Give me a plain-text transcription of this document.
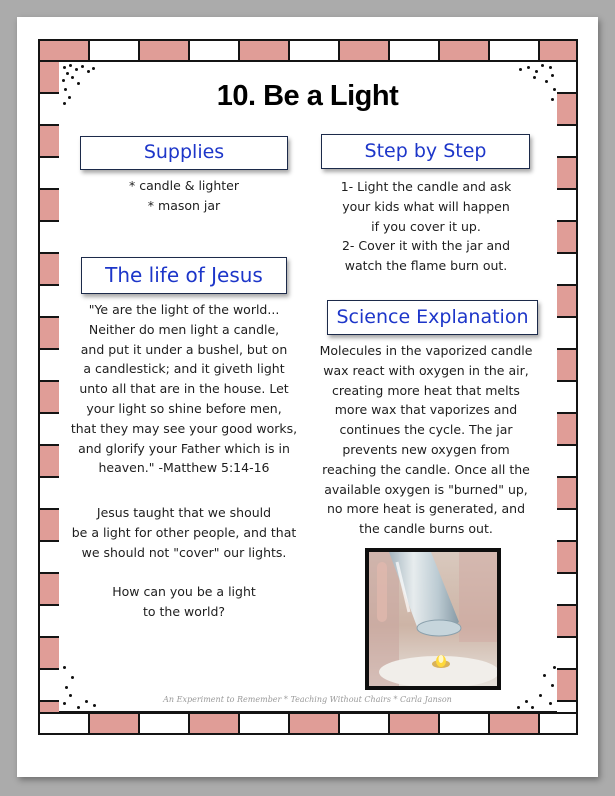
10. Be a Light
Supplies
* candle & lighter
* mason jar
Step by Step
1- Light the candle and ask
your kids what will happen
if you cover it up.
2- Cover it with the jar and
watch the flame burn out.
The life of Jesus
"Ye are the light of the world...
Neither do men light a candle,
and put it under a bushel, but on
a candlestick; and it giveth light
unto all that are in the house. Let
your light so shine before men,
that they may see your good works,
and glorify your Father which is in
heaven." -Matthew 5:14-16
Jesus taught that we should
be a light for other people, and that
we should not "cover" our lights.
How can you be a light
to the world?
Science Explanation
Molecules in the vaporized candle
wax react with oxygen in the air,
creating more heat that melts
more wax that vaporizes and
continues the cycle. The jar
prevents new oxygen from
reaching the candle. Once all the
available oxygen is "burned" up,
no more heat is generated, and
the candle burns out.
An Experiment to Remember * Teaching Without Chairs * Carla Janson
